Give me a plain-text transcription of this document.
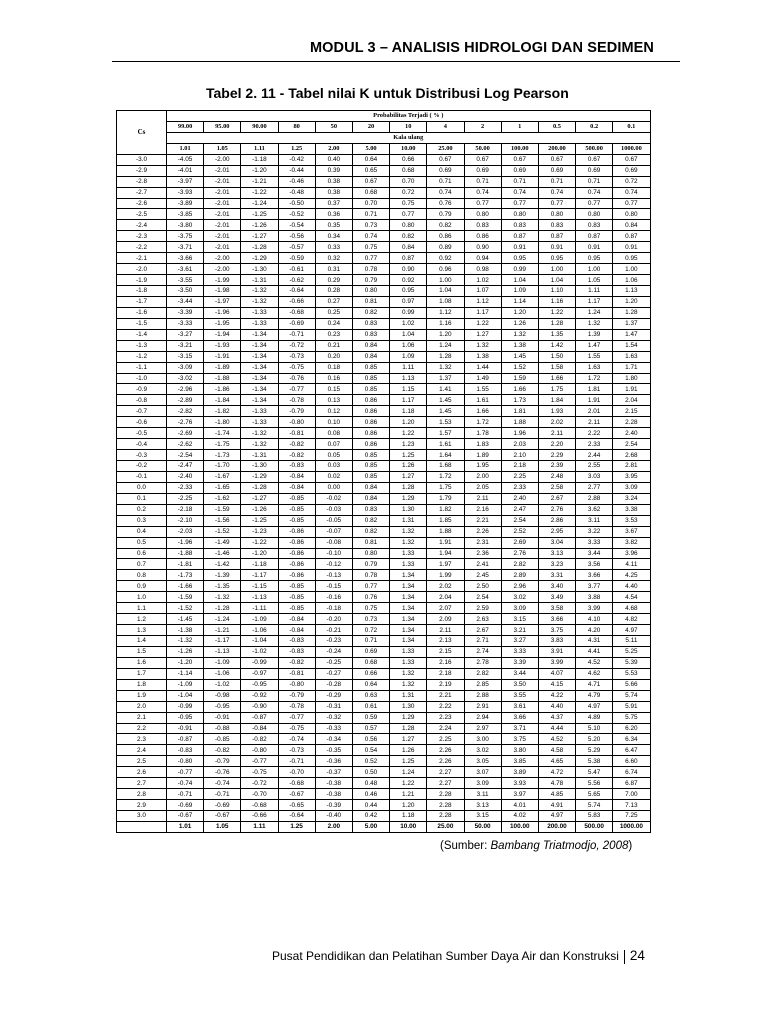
MODUL 3 – ANALISIS HIDROLOGI DAN SEDIMEN
Tabel 2. 11 - Tabel nilai K untuk Distribusi Log Pearson
Cs	Probabilitas Terjadi ( % )												
	99.00	95.00	90.00	80	50	20	10	4	2	1	0.5	0.2	0.1
	Kala ulang												
	1.01	1.05	1.11	1.25	2.00	5.00	10.00	25.00	50.00	100.00	200.00	500.00	1000.00
-3.0	-4.05	-2.00	-1.18	-0.42	0.40	0.64	0.66	0.67	0.67	0.67	0.67	0.67	0.67
-2.9	-4.01	-2.01	-1.20	-0.44	0.39	0.65	0.68	0.69	0.69	0.69	0.69	0.69	0.69
-2.8	-3.97	-2.01	-1.21	-0.46	0.38	0.67	0.70	0.71	0.71	0.71	0.71	0.71	0.72
-2.7	-3.93	-2.01	-1.22	-0.48	0.38	0.68	0.72	0.74	0.74	0.74	0.74	0.74	0.74
-2.6	-3.89	-2.01	-1.24	-0.50	0.37	0.70	0.75	0.76	0.77	0.77	0.77	0.77	0.77
-2.5	-3.85	-2.01	-1.25	-0.52	0.36	0.71	0.77	0.79	0.80	0.80	0.80	0.80	0.80
-2.4	-3.80	-2.01	-1.26	-0.54	0.35	0.73	0.80	0.82	0.83	0.83	0.83	0.83	0.84
-2.3	-3.75	-2.01	-1.27	-0.56	0.34	0.74	0.82	0.86	0.86	0.87	0.87	0.87	0.87
-2.2	-3.71	-2.01	-1.28	-0.57	0.33	0.75	0.84	0.89	0.90	0.91	0.91	0.91	0.91
-2.1	-3.66	-2.00	-1.29	-0.59	0.32	0.77	0.87	0.92	0.94	0.95	0.95	0.95	0.95
-2.0	-3.61	-2.00	-1.30	-0.61	0.31	0.78	0.90	0.96	0.98	0.99	1.00	1.00	1.00
-1.9	-3.55	-1.99	-1.31	-0.62	0.29	0.79	0.92	1.00	1.02	1.04	1.04	1.05	1.06
-1.8	-3.50	-1.98	-1.32	-0.64	0.28	0.80	0.95	1.04	1.07	1.09	1.10	1.11	1.13
-1.7	-3.44	-1.97	-1.32	-0.66	0.27	0.81	0.97	1.08	1.12	1.14	1.16	1.17	1.20
-1.6	-3.39	-1.96	-1.33	-0.68	0.25	0.82	0.99	1.12	1.17	1.20	1.22	1.24	1.28
-1.5	-3.33	-1.95	-1.33	-0.69	0.24	0.83	1.02	1.16	1.22	1.26	1.28	1.32	1.37
-1.4	-3.27	-1.94	-1.34	-0.71	0.23	0.83	1.04	1.20	1.27	1.32	1.35	1.39	1.47
-1.3	-3.21	-1.93	-1.34	-0.72	0.21	0.84	1.06	1.24	1.32	1.38	1.42	1.47	1.54
-1.2	-3.15	-1.91	-1.34	-0.73	0.20	0.84	1.09	1.28	1.38	1.45	1.50	1.55	1.63
-1.1	-3.09	-1.89	-1.34	-0.75	0.18	0.85	1.11	1.32	1.44	1.52	1.58	1.63	1.71
-1.0	-3.02	-1.88	-1.34	-0.76	0.16	0.85	1.13	1.37	1.49	1.59	1.66	1.72	1.80
-0.9	-2.96	-1.86	-1.34	-0.77	0.15	0.85	1.15	1.41	1.55	1.66	1.75	1.81	1.91
-0.8	-2.89	-1.84	-1.34	-0.78	0.13	0.86	1.17	1.45	1.61	1.73	1.84	1.91	2.04
-0.7	-2.82	-1.82	-1.33	-0.79	0.12	0.86	1.18	1.45	1.66	1.81	1.93	2.01	2.15
-0.6	-2.76	-1.80	-1.33	-0.80	0.10	0.86	1.20	1.53	1.72	1.88	2.02	2.11	2.28
-0.5	-2.69	-1.74	-1.32	-0.81	0.08	0.86	1.22	1.57	1.78	1.96	2.11	2.22	2.40
-0.4	-2.62	-1.75	-1.32	-0.82	0.07	0.86	1.23	1.61	1.83	2.03	2.20	2.33	2.54
-0.3	-2.54	-1.73	-1.31	-0.82	0.05	0.85	1.25	1.64	1.89	2.10	2.29	2.44	2.68
-0.2	-2.47	-1.70	-1.30	-0.83	0.03	0.85	1.26	1.68	1.95	2.18	2.39	2.55	2.81
-0.1	-2.40	-1.67	-1.29	-0.84	0.02	0.85	1.27	1.72	2.00	2.25	2.48	3.03	3.95
0.0	-2.33	-1.65	-1.28	-0.84	0.00	0.84	1.28	1.75	2.05	2.33	2.58	2.77	3.09
0.1	-2.25	-1.62	-1.27	-0.85	-0.02	0.84	1.29	1.79	2.11	2.40	2.67	2.88	3.24
0.2	-2.18	-1.59	-1.26	-0.85	-0.03	0.83	1.30	1.82	2.16	2.47	2.76	3.62	3.38
0.3	-2.10	-1.56	-1.25	-0.85	-0.05	0.82	1.31	1.85	2.21	2.54	2.86	3.11	3.53
0.4	-2.03	-1.52	-1.23	-0.86	-0.07	0.82	1.32	1.88	2.26	2.52	2.95	3.22	3.67
0.5	-1.96	-1.49	-1.22	-0.86	-0.08	0.81	1.32	1.91	2.31	2.69	3.04	3.33	3.82
0.6	-1.88	-1.46	-1.20	-0.86	-0.10	0.80	1.33	1.94	2.36	2.76	3.13	3.44	3.96
0.7	-1.81	-1.42	-1.18	-0.86	-0.12	0.79	1.33	1.97	2.41	2.82	3.23	3.56	4.11
0.8	-1.73	-1.39	-1.17	-0.86	-0.13	0.78	1.34	1.99	2.45	2.89	3.31	3.66	4.25
0.9	-1.66	-1.35	-1.15	-0.85	-0.15	0.77	1.34	2.02	2.50	2.96	3.40	3.77	4.40
1.0	-1.59	-1.32	-1.13	-0.85	-0.16	0.76	1.34	2.04	2.54	3.02	3.49	3.88	4.54
1.1	-1.52	-1.28	-1.11	-0.85	-0.18	0.75	1.34	2.07	2.59	3.09	3.58	3.99	4.68
1.2	-1.45	-1.24	-1.09	-0.84	-0.20	0.73	1.34	2.09	2.63	3.15	3.66	4.10	4.82
1.3	-1.38	-1.21	-1.06	-0.84	-0.21	0.72	1.34	2.11	2.67	3.21	3.75	4.20	4.97
1.4	-1.32	-1.17	-1.04	-0.83	-0.23	0.71	1.34	2.13	2.71	3.27	3.83	4.31	5.11
1.5	-1.26	-1.13	-1.02	-0.83	-0.24	0.69	1.33	2.15	2.74	3.33	3.91	4.41	5.25
1.6	-1.20	-1.09	-0.99	-0.82	-0.25	0.68	1.33	2.16	2.78	3.39	3.99	4.52	5.39
1.7	-1.14	-1.06	-0.97	-0.81	-0.27	0.66	1.32	2.18	2.82	3.44	4.07	4.62	5.53
1.8	-1.09	-1.02	-0.95	-0.80	-0.28	0.64	1.32	2.19	2.85	3.50	4.15	4.71	5.66
1.9	-1.04	-0.98	-0.92	-0.79	-0.29	0.63	1.31	2.21	2.88	3.55	4.22	4.79	5.74
2.0	-0.99	-0.95	-0.90	-0.78	-0.31	0.61	1.30	2.22	2.91	3.61	4.40	4.97	5.91
2.1	-0.95	-0.91	-0.87	-0.77	-0.32	0.59	1.29	2.23	2.94	3.66	4.37	4.89	5.75
2.2	-0.91	-0.88	-0.84	-0.75	-0.33	0.57	1.28	2.24	2.97	3.71	4.44	5.10	6.20
2.3	-0.87	-0.85	-0.82	-0.74	-0.34	0.56	1.27	2.25	3.00	3.75	4.52	5.20	6.34
2.4	-0.83	-0.82	-0.80	-0.73	-0.35	0.54	1.26	2.26	3.02	3.80	4.58	5.29	6.47
2.5	-0.80	-0.79	-0.77	-0.71	-0.36	0.52	1.25	2.26	3.05	3.85	4.65	5.38	6.60
2.6	-0.77	-0.76	-0.75	-0.70	-0.37	0.50	1.24	2.27	3.07	3.89	4.72	5.47	6.74
2.7	-0.74	-0.74	-0.72	-0.68	-0.38	0.48	1.22	2.27	3.09	3.93	4.78	5.56	6.87
2.8	-0.71	-0.71	-0.70	-0.67	-0.38	0.46	1.21	2.28	3.11	3.97	4.85	5.65	7.00
2.9	-0.69	-0.69	-0.68	-0.65	-0.39	0.44	1.20	2.28	3.13	4.01	4.91	5.74	7.13
3.0	-0.67	-0.67	-0.66	-0.64	-0.40	0.42	1.18	2.28	3.15	4.02	4.97	5.83	7.25
	1.01	1.05	1.11	1.25	2.00	5.00	10.00	25.00	50.00	100.00	200.00	500.00	1000.00
(Sumber: Bambang Triatmodjo, 2008)
Pusat Pendidikan dan Pelatihan Sumber Daya Air dan Konstruksi 24
